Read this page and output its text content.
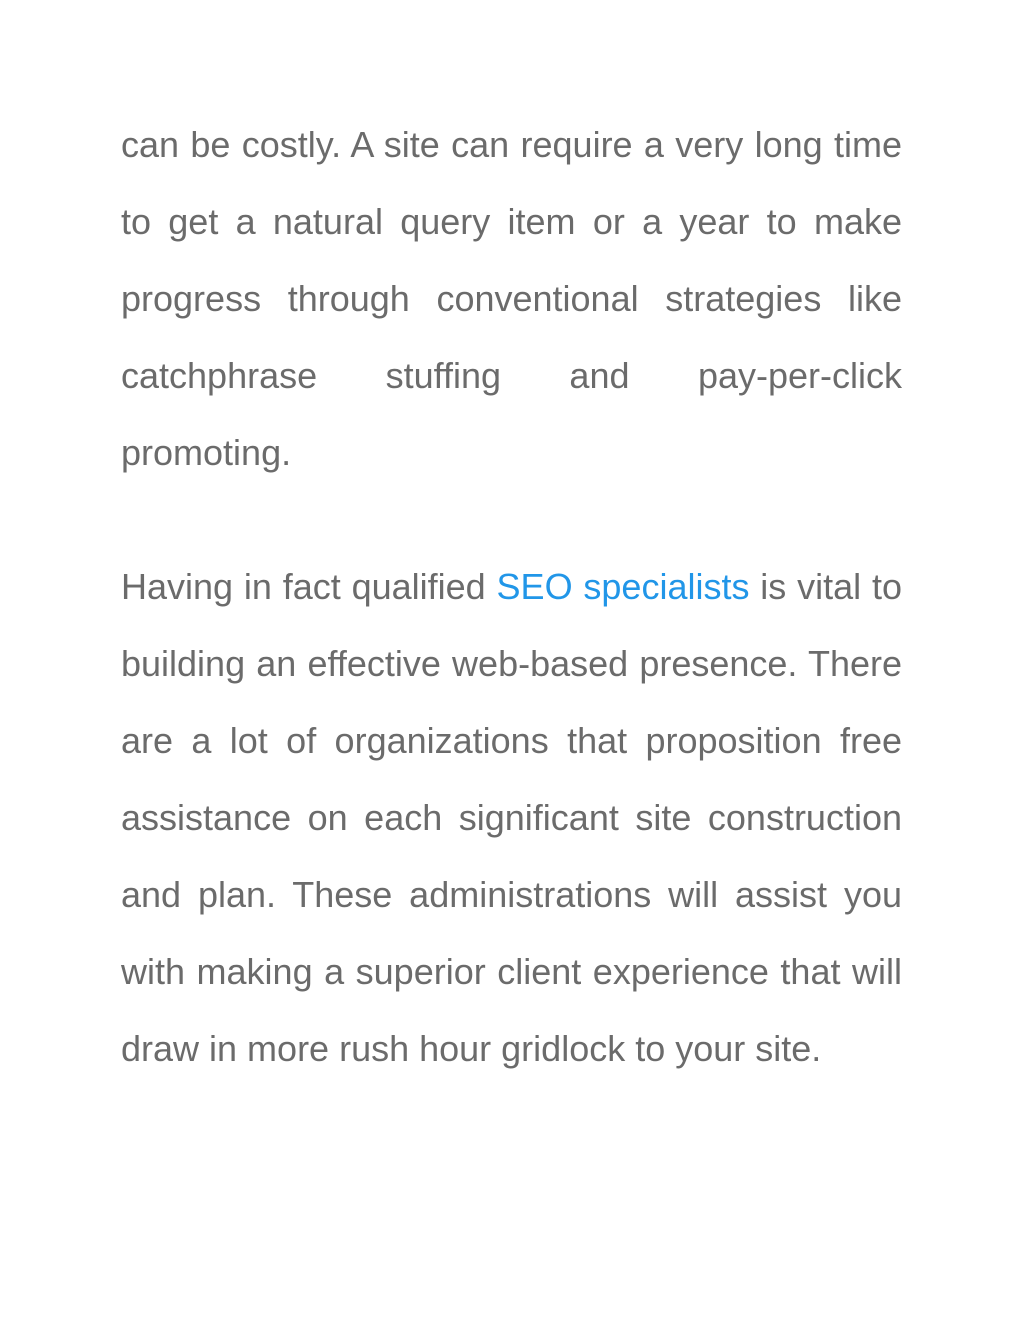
can be costly. A site can require a very long time to get a natural query item or a year to make progress through conventional strategies like catchphrase stuffing and pay-per-click promoting.

Having in fact qualified SEO specialists is vital to building an effective web-based presence. There are a lot of organizations that proposition free assistance on each significant site construction and plan. These administrations will assist you with making a superior client experience that will draw in more rush hour gridlock to your site.
